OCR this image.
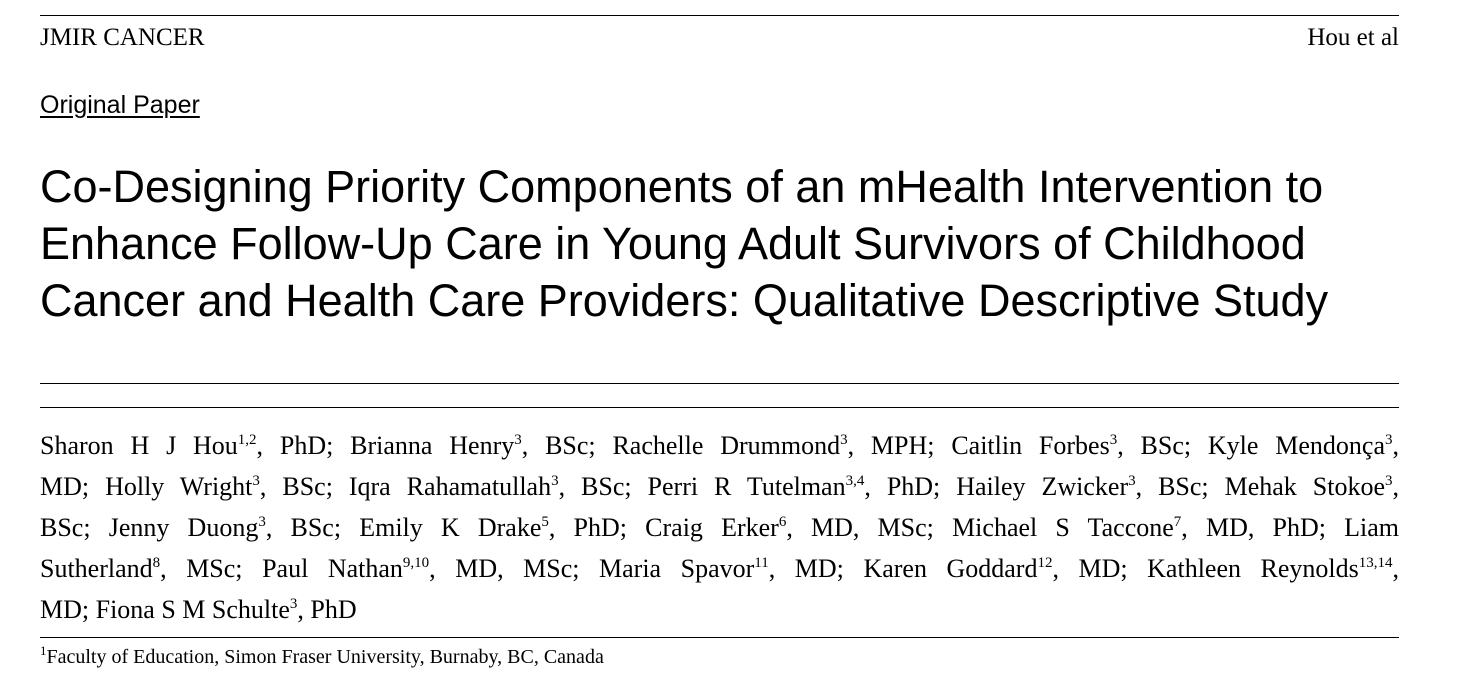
JMIR CANCER	Hou et al
Original Paper
Co-Designing Priority Components of an mHealth Intervention to
Enhance Follow-Up Care in Young Adult Survivors of Childhood
Cancer and Health Care Providers: Qualitative Descriptive Study
Sharon H J Hou$^{1,2}$, PhD; Brianna Henry$^3$, BSc; Rachelle Drummond$^3$, MPH; Caitlin Forbes$^3$, BSc; Kyle Mendonça$^3$,
MD; Holly Wright$^3$, BSc; Iqra Rahamatullah$^3$, BSc; Perri R Tutelman$^{3,4}$, PhD; Hailey Zwicker$^3$, BSc; Mehak Stokoe$^3$,
BSc; Jenny Duong$^3$, BSc; Emily K Drake$^5$, PhD; Craig Erker$^6$, MD, MSc; Michael S Taccone$^7$, MD, PhD; Liam
Sutherland$^8$, MSc; Paul Nathan$^{9,10}$, MD, MSc; Maria Spavor$^{11}$, MD; Karen Goddard$^{12}$, MD; Kathleen Reynolds$^{13,14}$,
MD; Fiona S M Schulte$^3$, PhD
$^1$Faculty of Education, Simon Fraser University, Burnaby, BC, Canada
